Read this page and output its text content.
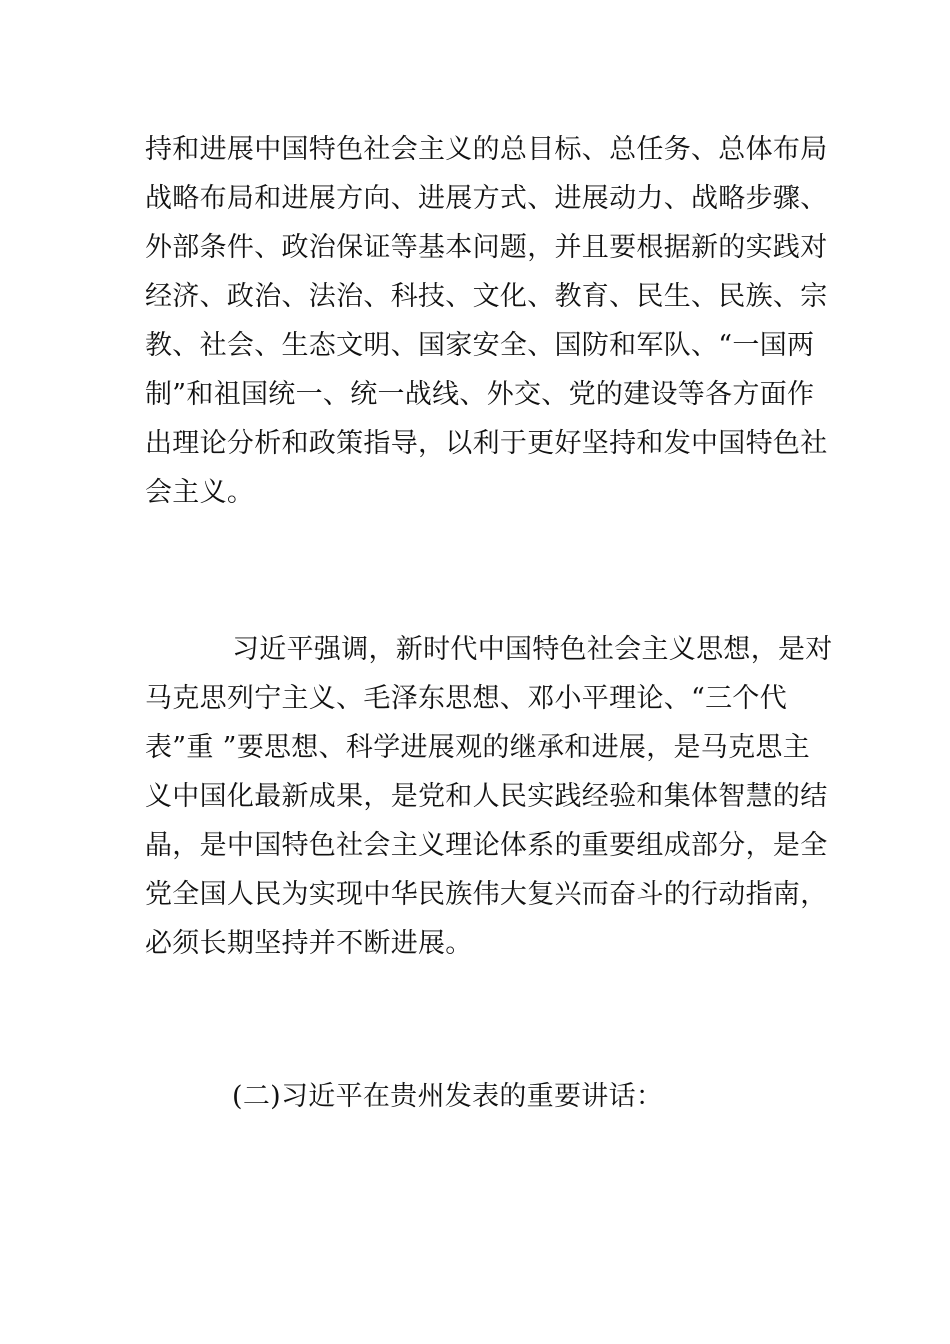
持和进展中国特色社会主义的总目标、总任务、总体布局
战略布局和进展方向、进展方式、进展动力、战略步骤、
外部条件、政治保证等基本问题，并且要根据新的实践对
经济、政治、法治、科技、文化、教育、民生、民族、宗
教、社会、生态文明、国家安全、国防和军队、“一国两
制”和祖国统一、统一战线、外交、党的建设等各方面作
出理论分析和政策指导，以利于更好坚持和发中国特色社
会主义。
习近平强调，新时代中国特色社会主义思想，是对
马克思列宁主义、毛泽东思想、邓小平理论、“三个代
表”重 ”要思想、科学进展观的继承和进展，是马克思主
义中国化最新成果，是党和人民实践经验和集体智慧的结
晶，是中国特色社会主义理论体系的重要组成部分，是全
党全国人民为实现中华民族伟大复兴而奋斗的行动指南，
必须长期坚持并不断进展。
(二)习近平在贵州发表的重要讲话：
